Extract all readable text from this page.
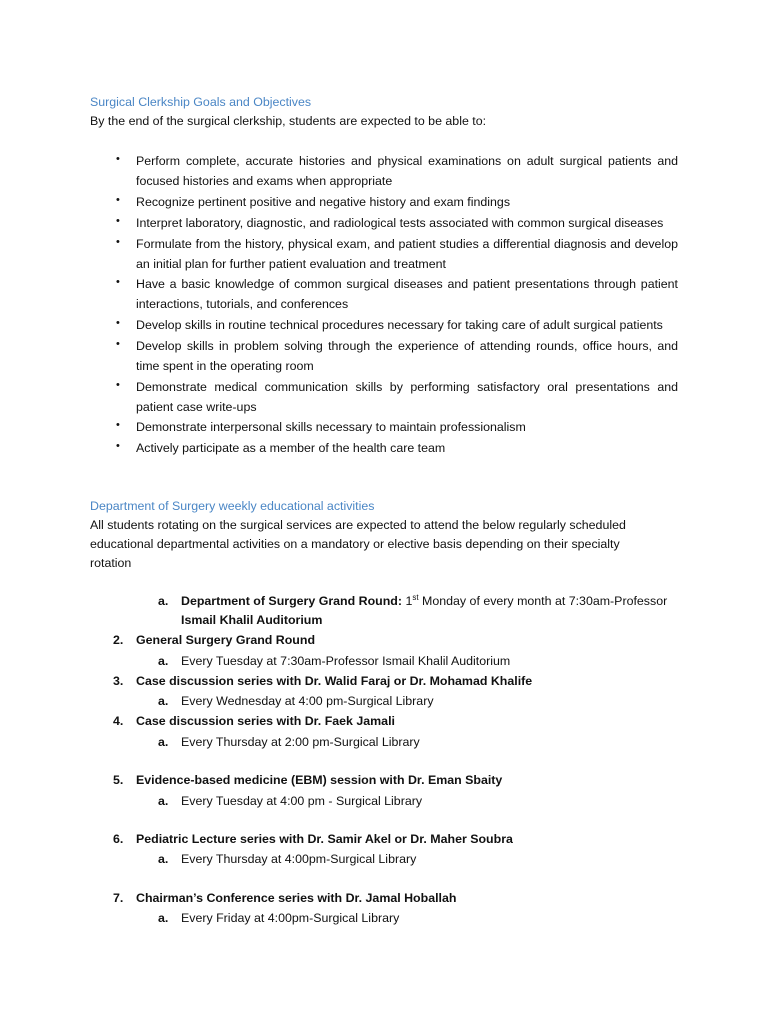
Surgical Clerkship Goals and Objectives
By the end of the surgical clerkship, students are expected to be able to:
• Perform complete, accurate histories and physical examinations on adult surgical patients and focused histories and exams when appropriate
• Recognize pertinent positive and negative history and exam findings
• Interpret laboratory, diagnostic, and radiological tests associated with common surgical diseases
• Formulate from the history, physical exam, and patient studies a differential diagnosis and develop an initial plan for further patient evaluation and treatment
• Have a basic knowledge of common surgical diseases and patient presentations through patient interactions, tutorials, and conferences
• Develop skills in routine technical procedures necessary for taking care of adult surgical patients
• Develop skills in problem solving through the experience of attending rounds, office hours, and time spent in the operating room
• Demonstrate medical communication skills by performing satisfactory oral presentations and patient case write-ups
• Demonstrate interpersonal skills necessary to maintain professionalism
• Actively participate as a member of the health care team
Department of Surgery weekly educational activities
All students rotating on the surgical services are expected to attend the below regularly scheduled
educational departmental activities on a mandatory or elective basis depending on their specialty
rotation
a. Department of Surgery Grand Round: 1st Monday of every month at 7:30am-Professor
Ismail Khalil Auditorium
2. General Surgery Grand Round
a. Every Tuesday at 7:30am-Professor Ismail Khalil Auditorium
3. Case discussion series with Dr. Walid Faraj or Dr. Mohamad Khalife
a. Every Wednesday at 4:00 pm-Surgical Library
4. Case discussion series with Dr. Faek Jamali
a. Every Thursday at 2:00 pm-Surgical Library
5. Evidence-based medicine (EBM) session with Dr. Eman Sbaity
a. Every Tuesday at 4:00 pm - Surgical Library
6. Pediatric Lecture series with Dr. Samir Akel or Dr. Maher Soubra
a. Every Thursday at 4:00pm-Surgical Library
7. Chairman’s Conference series with Dr. Jamal Hoballah
a. Every Friday at 4:00pm-Surgical Library
